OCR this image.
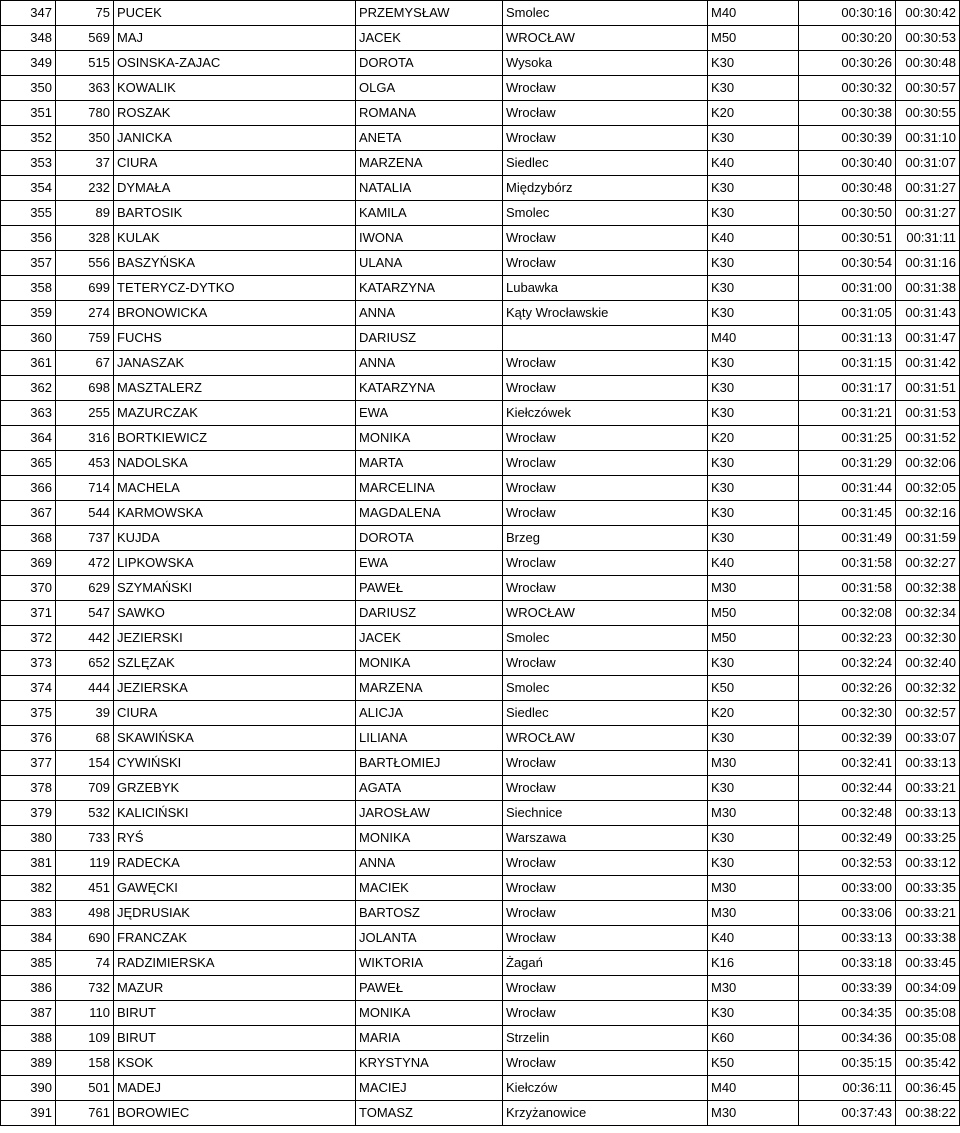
347	75	PUCEK	PRZEMYSŁAW	Smolec	M40	00:30:16	00:30:42
348	569	MAJ	JACEK	WROCŁAW	M50	00:30:20	00:30:53
349	515	OSINSKA-ZAJAC	DOROTA	Wysoka	K30	00:30:26	00:30:48
350	363	KOWALIK	OLGA	Wrocław	K30	00:30:32	00:30:57
351	780	ROSZAK	ROMANA	Wrocław	K20	00:30:38	00:30:55
352	350	JANICKA	ANETA	Wrocław	K30	00:30:39	00:31:10
353	37	CIURA	MARZENA	Siedlec	K40	00:30:40	00:31:07
354	232	DYMAŁA	NATALIA	Międzybórz	K30	00:30:48	00:31:27
355	89	BARTOSIK	KAMILA	Smolec	K30	00:30:50	00:31:27
356	328	KULAK	IWONA	Wrocław	K40	00:30:51	00:31:11
357	556	BASZYŃSKA	ULANA	Wrocław	K30	00:30:54	00:31:16
358	699	TETERYCZ-DYTKO	KATARZYNA	Lubawka	K30	00:31:00	00:31:38
359	274	BRONOWICKA	ANNA	Kąty Wrocławskie	K30	00:31:05	00:31:43
360	759	FUCHS	DARIUSZ		M40	00:31:13	00:31:47
361	67	JANASZAK	ANNA	Wrocław	K30	00:31:15	00:31:42
362	698	MASZTALERZ	KATARZYNA	Wrocław	K30	00:31:17	00:31:51
363	255	MAZURCZAK	EWA	Kiełczówek	K30	00:31:21	00:31:53
364	316	BORTKIEWICZ	MONIKA	Wrocław	K20	00:31:25	00:31:52
365	453	NADOLSKA	MARTA	Wroclaw	K30	00:31:29	00:32:06
366	714	MACHELA	MARCELINA	Wrocław	K30	00:31:44	00:32:05
367	544	KARMOWSKA	MAGDALENA	Wrocław	K30	00:31:45	00:32:16
368	737	KUJDA	DOROTA	Brzeg	K30	00:31:49	00:31:59
369	472	LIPKOWSKA	EWA	Wroclaw	K40	00:31:58	00:32:27
370	629	SZYMAŃSKI	PAWEŁ	Wrocław	M30	00:31:58	00:32:38
371	547	SAWKO	DARIUSZ	WROCŁAW	M50	00:32:08	00:32:34
372	442	JEZIERSKI	JACEK	Smolec	M50	00:32:23	00:32:30
373	652	SZLĘZAK	MONIKA	Wrocław	K30	00:32:24	00:32:40
374	444	JEZIERSKA	MARZENA	Smolec	K50	00:32:26	00:32:32
375	39	CIURA	ALICJA	Siedlec	K20	00:32:30	00:32:57
376	68	SKAWIŃSKA	LILIANA	WROCŁAW	K30	00:32:39	00:33:07
377	154	CYWIŃSKI	BARTŁOMIEJ	Wrocław	M30	00:32:41	00:33:13
378	709	GRZEBYK	AGATA	Wrocław	K30	00:32:44	00:33:21
379	532	KALICIŃSKI	JAROSŁAW	Siechnice	M30	00:32:48	00:33:13
380	733	RYŚ	MONIKA	Warszawa	K30	00:32:49	00:33:25
381	119	RADECKA	ANNA	Wrocław	K30	00:32:53	00:33:12
382	451	GAWĘCKI	MACIEK	Wrocław	M30	00:33:00	00:33:35
383	498	JĘDRUSIAK	BARTOSZ	Wrocław	M30	00:33:06	00:33:21
384	690	FRANCZAK	JOLANTA	Wrocław	K40	00:33:13	00:33:38
385	74	RADZIMIERSKA	WIKTORIA	Żagań	K16	00:33:18	00:33:45
386	732	MAZUR	PAWEŁ	Wrocław	M30	00:33:39	00:34:09
387	110	BIRUT	MONIKA	Wrocław	K30	00:34:35	00:35:08
388	109	BIRUT	MARIA	Strzelin	K60	00:34:36	00:35:08
389	158	KSOK	KRYSTYNA	Wrocław	K50	00:35:15	00:35:42
390	501	MADEJ	MACIEJ	Kiełczów	M40	00:36:11	00:36:45
391	761	BOROWIEC	TOMASZ	Krzyżanowice	M30	00:37:43	00:38:22
